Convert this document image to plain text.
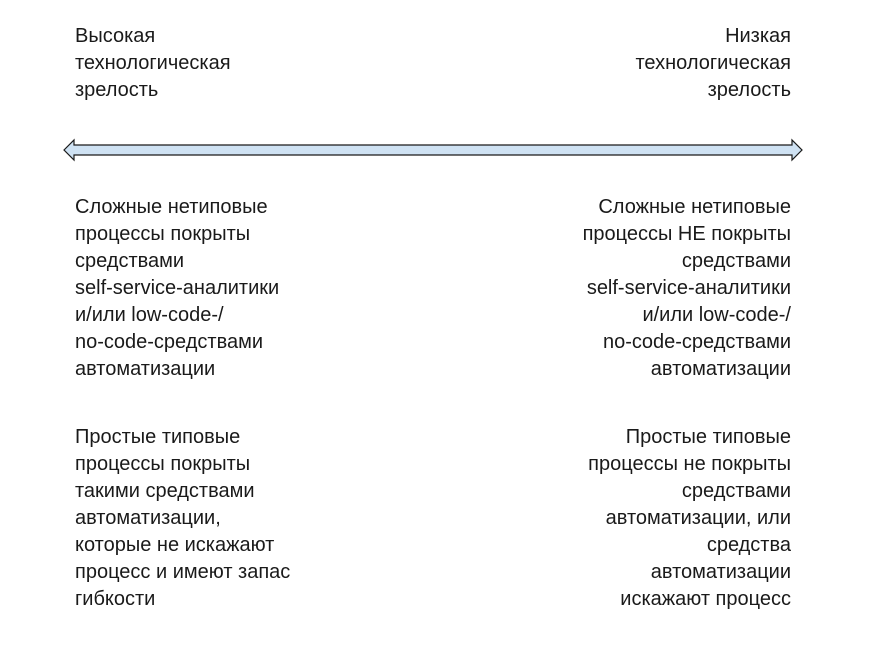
Высокая
технологическая
зрелость
Низкая
технологическая
зрелость
Сложные нетиповые
процессы покрыты
средствами
self-service-аналитики
и/или low-code-/
no-code-средствами
автоматизации
Сложные нетиповые
процессы НЕ покрыты
средствами
self-service-аналитики
и/или low-code-/
no-code-средствами
автоматизации
Простые типовые
процессы покрыты
такими средствами
автоматизации,
которые не искажают
процесс и имеют запас
гибкости
Простые типовые
процессы не покрыты
средствами
автоматизации, или
средства
автоматизации
искажают процесс
